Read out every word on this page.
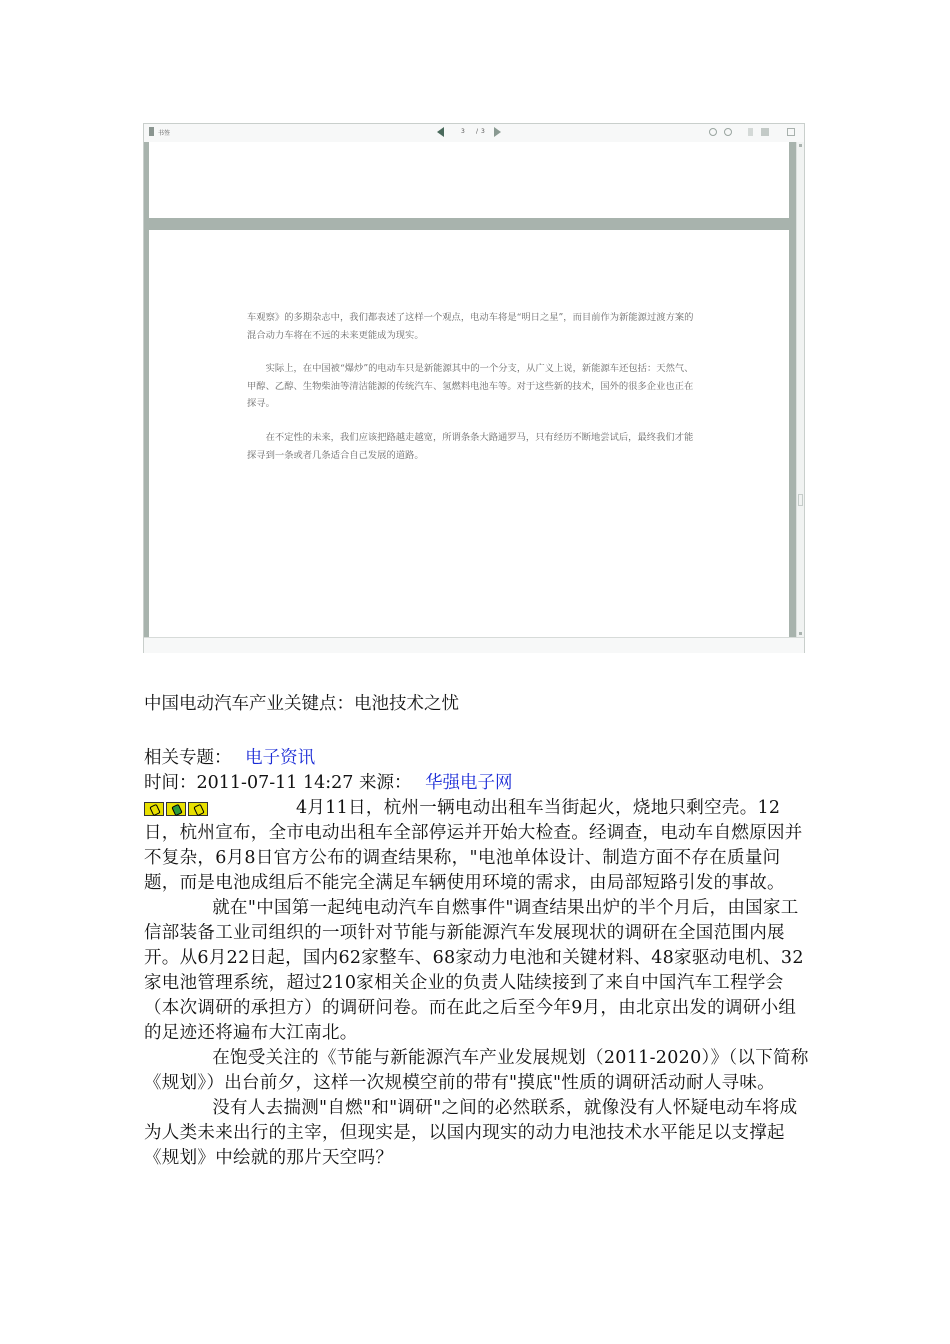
书签	3 / 3

车观察》的多期杂志中，我们都表述了这样一个观点，电动车将是“明日之星”，而目前作为新能源过渡方案的混合动力车将在不远的未来更能成为现实。

实际上，在中国被“爆炒”的电动车只是新能源其中的一个分支，从广义上说，新能源车还包括：天然气、甲醇、乙醇、生物柴油等清洁能源的传统汽车、氢燃料电池车等。对于这些新的技术，国外的很多企业也正在探寻。

在不定性的未来，我们应该把路越走越宽，所谓条条大路通罗马，只有经历不断地尝试后，最终我们才能探寻到一条或者几条适合自己发展的道路。

中国电动汽车产业关键点：电池技术之忧

相关专题： 电子资讯

时间：2011-07-11 14:27 来源： 华强电子网

4月11日，杭州一辆电动出租车当街起火，烧地只剩空壳。12日，杭州宣布，全市电动出租车全部停运并开始大检查。经调查，电动车自燃原因并不复杂，6月8日官方公布的调查结果称，"电池单体设计、制造方面不存在质量问题，而是电池成组后不能完全满足车辆使用环境的需求，由局部短路引发的事故。

就在"中国第一起纯电动汽车自燃事件"调查结果出炉的半个月后，由国家工信部装备工业司组织的一项针对节能与新能源汽车发展现状的调研在全国范围内展开。从6月22日起，国内62家整车、68家动力电池和关键材料、48家驱动电机、32家电池管理系统，超过210家相关企业的负责人陆续接到了来自中国汽车工程学会（本次调研的承担方）的调研问卷。而在此之后至今年9月，由北京出发的调研小组的足迹还将遍布大江南北。

在饱受关注的《节能与新能源汽车产业发展规划（2011-2020）》（以下简称《规划》）出台前夕，这样一次规模空前的带有"摸底"性质的调研活动耐人寻味。

没有人去揣测"自燃"和"调研"之间的必然联系，就像没有人怀疑电动车将成为人类未来出行的主宰，但现实是，以国内现实的动力电池技术水平能足以支撑起《规划》中绘就的那片天空吗？
